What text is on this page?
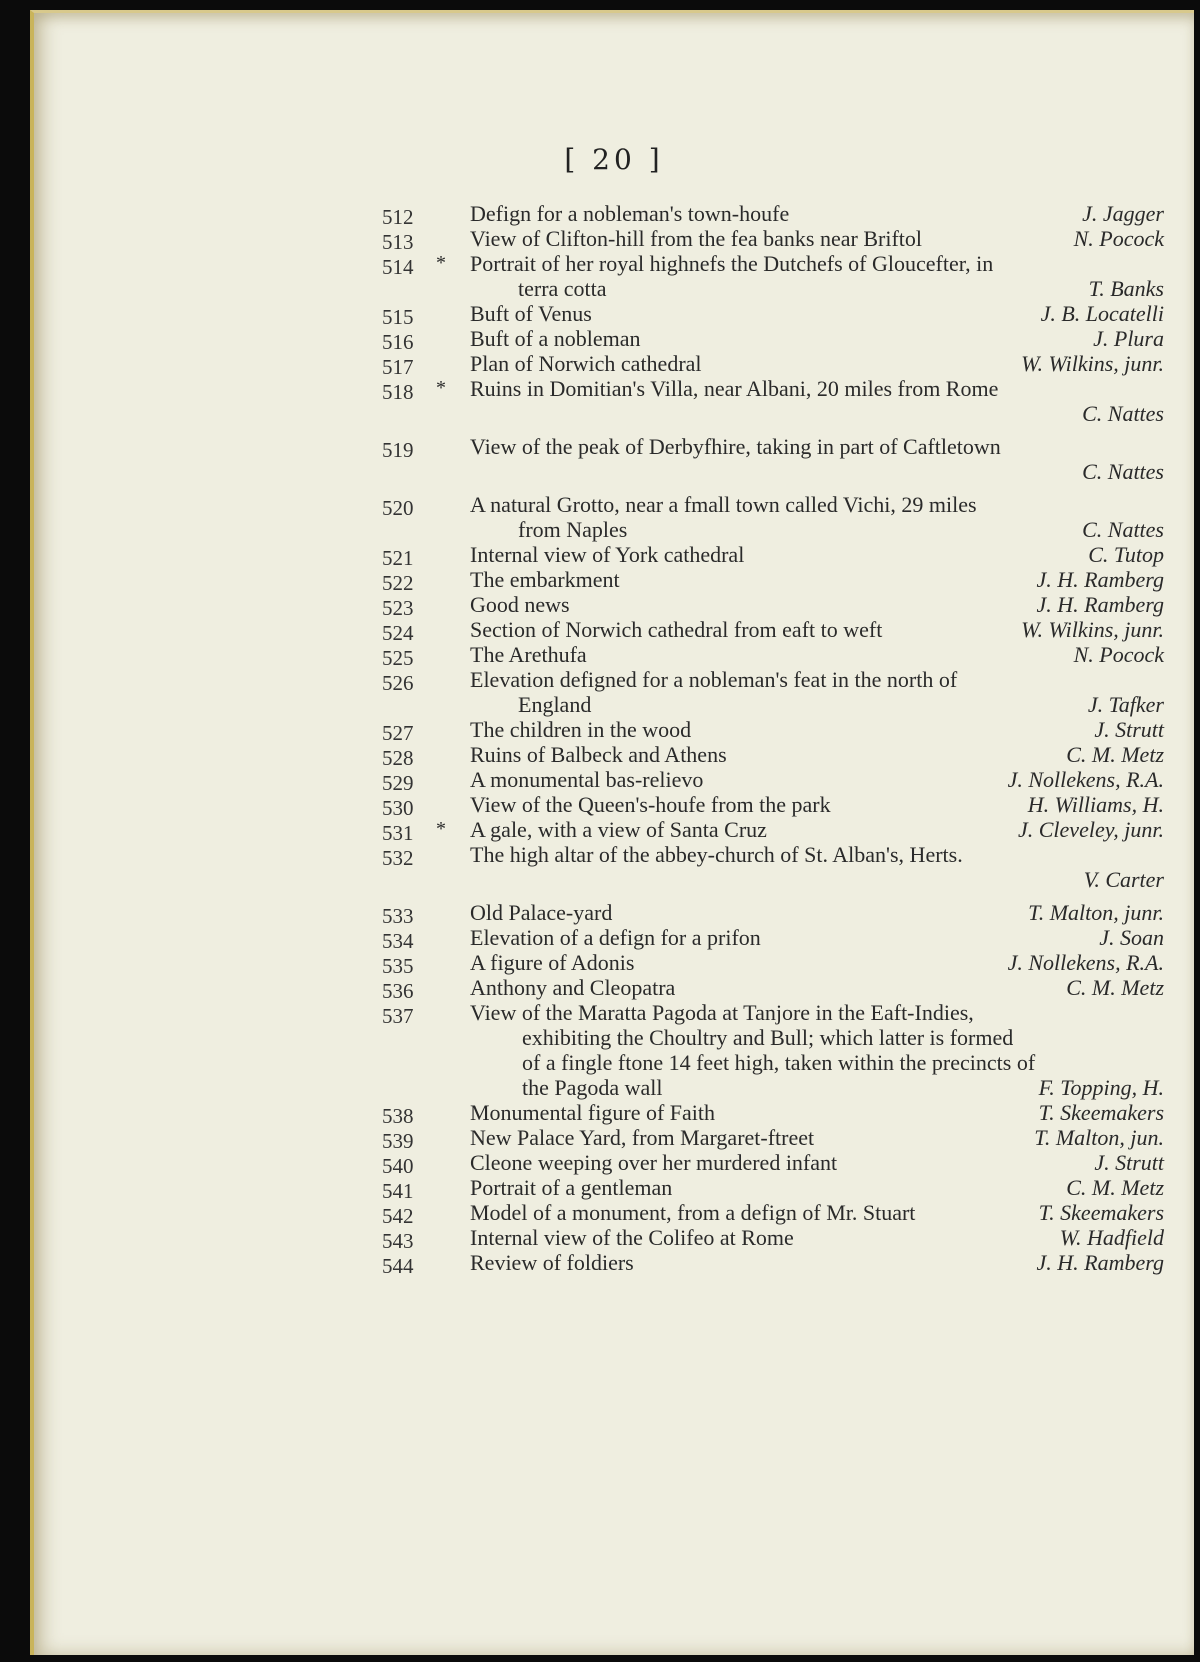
[ 20 ]
512	Defign for a nobleman's town-houfe	J. Jagger
513	View of Clifton-hill from the fea banks near Briftol	N. Pocock
514	* Portrait of her royal highnefs the Dutchefs of Gloucefter, in
terra cotta	T. Banks
515	Buft of Venus	J. B. Locatelli
516	Buft of a nobleman	J. Plura
517	Plan of Norwich cathedral	W. Wilkins, junr.
518	* Ruins in Domitian's Villa, near Albani, 20 miles from Rome
C. Nattes
519	View of the peak of Derbyfhire, taking in part of Caftletown
C. Nattes
520	A natural Grotto, near a fmall town called Vichi, 29 miles
from Naples	C. Nattes
521	Internal view of York cathedral	C. Tutop
522	The embarkment	J. H. Ramberg
523	Good news	J. H. Ramberg
524	Section of Norwich cathedral from eaft to weft	W. Wilkins, junr.
525	The Arethufa	N. Pocock
526	Elevation defigned for a nobleman's feat in the north of
England	J. Tafker
527	The children in the wood	J. Strutt
528	Ruins of Balbeck and Athens	C. M. Metz
529	A monumental bas-relievo	J. Nollekens, R.A.
530	View of the Queen's-houfe from the park	H. Williams, H.
531	* A gale, with a view of Santa Cruz	J. Cleveley, junr.
532	The high altar of the abbey-church of St. Alban's, Herts.
V. Carter
533	Old Palace-yard	T. Malton, junr.
534	Elevation of a defign for a prifon	J. Soan
535	A figure of Adonis	J. Nollekens, R.A.
536	Anthony and Cleopatra	C. M. Metz
537	View of the Maratta Pagoda at Tanjore in the Eaft-Indies,
exhibiting the Choultry and Bull; which latter is formed
of a fingle ftone 14 feet high, taken within the precincts of
the Pagoda wall	F. Topping, H.
538	Monumental figure of Faith	T. Skeemakers
539	New Palace Yard, from Margaret-ftreet	T. Malton, jun.
540	Cleone weeping over her murdered infant	J. Strutt
541	Portrait of a gentleman	C. M. Metz
542	Model of a monument, from a defign of Mr. Stuart	T. Skeemakers
543	Internal view of the Colifeo at Rome	W. Hadfield
544	Review of foldiers	J. H. Ramberg
